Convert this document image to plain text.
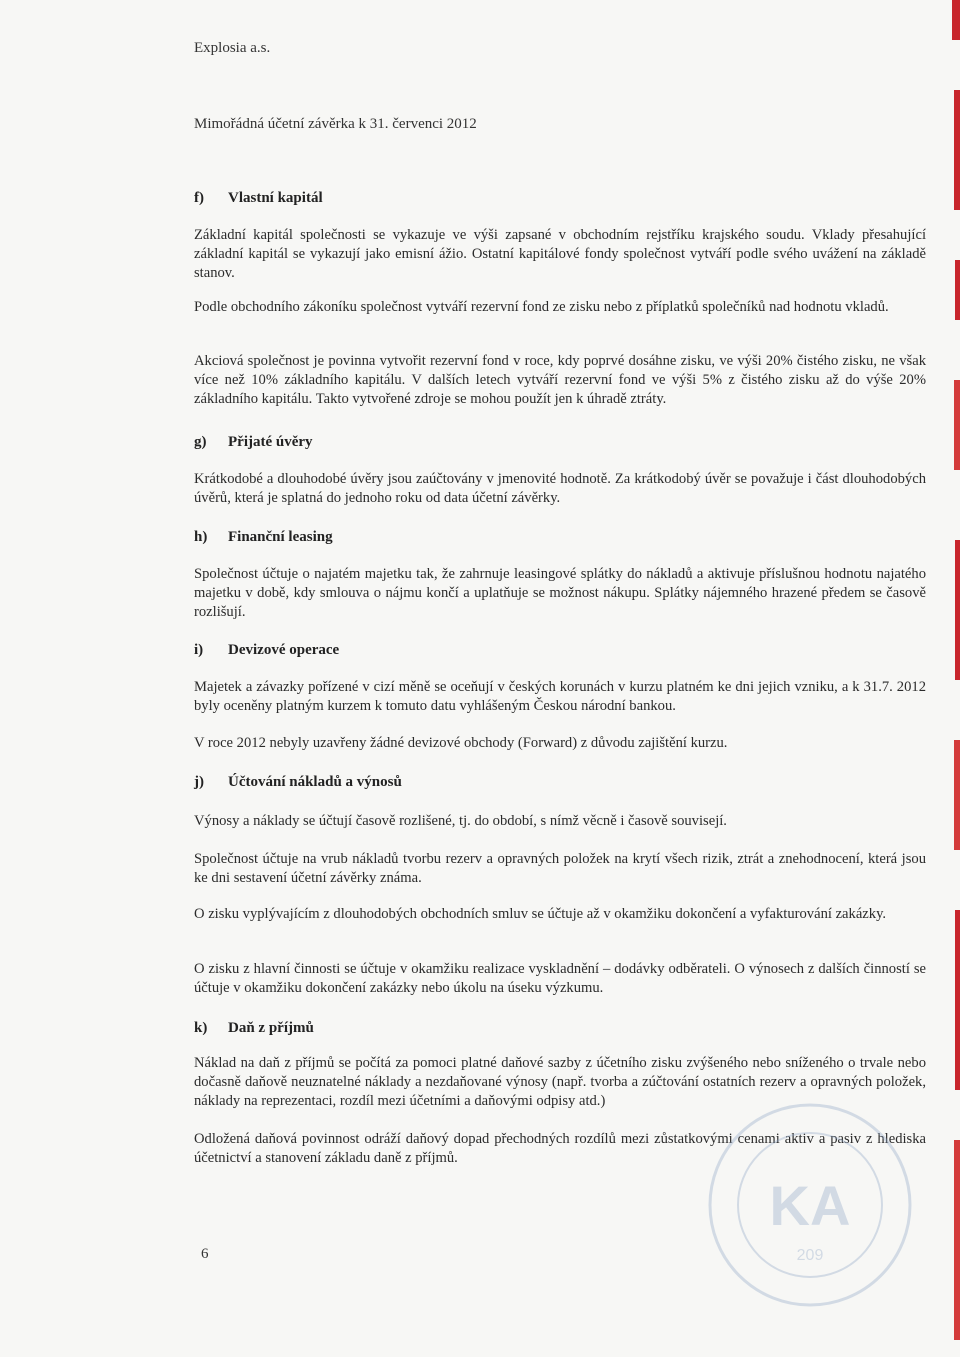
Explosia a.s.
Mimořádná účetní závěrka k 31. červenci 2012
f) Vlastní kapitál
Základní kapitál společnosti se vykazuje ve výši zapsané v obchodním rejstříku krajského soudu. Vklady přesahující základní kapitál se vykazují jako emisní ážio. Ostatní kapitálové fondy společnost vytváří podle svého uvážení na základě stanov.
Podle obchodního zákoníku společnost vytváří rezervní fond ze zisku nebo z příplatků společníků nad hodnotu vkladů.
Akciová společnost je povinna vytvořit rezervní fond v roce, kdy poprvé dosáhne zisku, ve výši 20% čistého zisku, ne však více než 10% základního kapitálu. V dalších letech vytváří rezervní fond ve výši 5% z čistého zisku až do výše 20% základního kapitálu. Takto vytvořené zdroje se mohou použít jen k úhradě ztráty.
g) Přijaté úvěry
Krátkodobé a dlouhodobé úvěry jsou zaúčtovány v jmenovité hodnotě. Za krátkodobý úvěr se považuje i část dlouhodobých úvěrů, která je splatná do jednoho roku od data účetní závěrky.
h) Finanční leasing
Společnost účtuje o najatém majetku tak, že zahrnuje leasingové splátky do nákladů a aktivuje příslušnou hodnotu najatého majetku v době, kdy smlouva o nájmu končí a uplatňuje se možnost nákupu. Splátky nájemného hrazené předem se časově rozlišují.
i) Devizové operace
Majetek a závazky pořízené v cizí měně se oceňují v českých korunách v kurzu platném ke dni jejich vzniku, a k 31.7. 2012 byly oceněny platným kurzem k tomuto datu vyhlášeným Českou národní bankou.
V roce 2012 nebyly uzavřeny žádné devizové obchody (Forward) z důvodu zajištění kurzu.
j) Účtování nákladů a výnosů
Výnosy a náklady se účtují časově rozlišené, tj. do období, s nímž věcně i časově souvisejí.
Společnost účtuje na vrub nákladů tvorbu rezerv a opravných položek na krytí všech rizik, ztrát a znehodnocení, která jsou ke dni sestavení účetní závěrky známa.
O zisku vyplývajícím z dlouhodobých obchodních smluv se účtuje až v okamžiku dokončení a vyfakturování zakázky.
O zisku z hlavní činnosti se účtuje v okamžiku realizace vyskladnění – dodávky odběrateli. O výnosech z dalších činností se účtuje v okamžiku dokončení zakázky nebo úkolu na úseku výzkumu.
k) Daň z příjmů
Náklad na daň z příjmů se počítá za pomoci platné daňové sazby z účetního zisku zvýšeného nebo sníženého o trvale nebo dočasně daňově neuznatelné náklady a nezdaňované výnosy (např. tvorba a zúčtování ostatních rezerv a opravných položek, náklady na reprezentaci, rozdíl mezi účetními a daňovými odpisy atd.)
Odložená daňová povinnost odráží daňový dopad přechodných rozdílů mezi zůstatkovými cenami aktiv a pasiv z hlediska účetnictví a stanovení základu daně z příjmů.
6
KA
209
